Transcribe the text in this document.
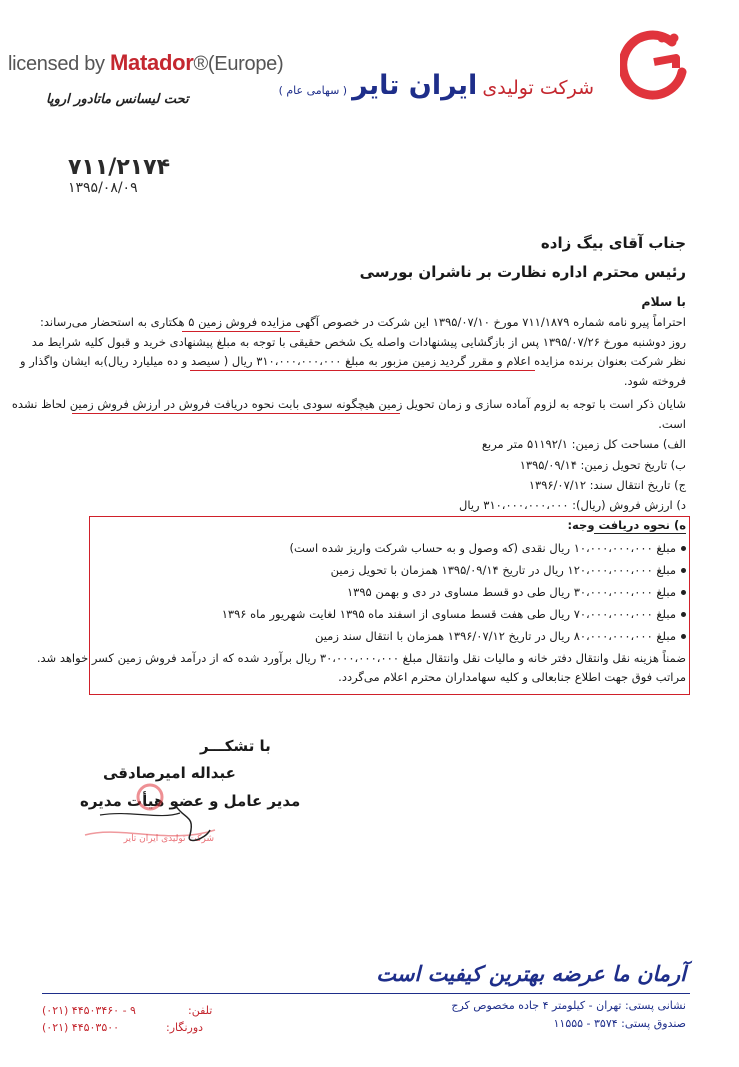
licensed by Matador®(Europe)
تحت لیسانس ماتادور اروپا
شرکت تولیدی ایران تایر ( سهامی عام )
۷۱۱/۲۱۷۴
۱۳۹۵/۰۸/۰۹
جناب آقای بیگ زاده
رئیس محترم اداره نظارت بر ناشران بورسی
با سلام
احتراماً پیرو نامه شماره ۷۱۱/۱۸۷۹ مورخ ۱۳۹۵/۰۷/۱۰ این شرکت در خصوص آگهی مزایده فروش زمین ۵ هکتاری به استحضار می‌رساند:
روز دوشنبه مورخ ۱۳۹۵/۰۷/۲۶ پس از بازگشایی پیشنهادات واصله یک شخص حقیقی با توجه به مبلغ پیشنهادی خرید و قبول کلیه شرایط مد
نظر شرکت بعنوان برنده مزایده اعلام و مقرر گردید زمین مزبور به مبلغ ۳۱۰،۰۰۰،۰۰۰،۰۰۰ ریال ( سیصد و ده میلیارد ریال)به ایشان واگذار و
فروخته شود.
شایان ذکر است با توجه به لزوم آماده سازی و زمان تحویل زمین هیچگونه سودی بابت نحوه دریافت فروش در ارزش فروش زمین لحاظ نشده
است.
الف) مساحت کل زمین: ۵۱۱۹۲/۱ متر مربع
ب) تاریخ تحویل زمین: ۱۳۹۵/۰۹/۱۴
ج) تاریخ انتقال سند: ۱۳۹۶/۰۷/۱۲
د) ارزش فروش (ریال): ۳۱۰،۰۰۰،۰۰۰،۰۰۰ ریال
ه) نحوه دریافت وجه:
مبلغ ۱۰،۰۰۰،۰۰۰،۰۰۰ ریال نقدی (که وصول و به حساب شرکت واریز شده است)
مبلغ ۱۲۰،۰۰۰،۰۰۰،۰۰۰ ریال در تاریخ ۱۳۹۵/۰۹/۱۴ همزمان با تحویل زمین
مبلغ ۳۰،۰۰۰،۰۰۰،۰۰۰ ریال طی دو قسط مساوی در دی و بهمن ۱۳۹۵
مبلغ ۷۰،۰۰۰،۰۰۰،۰۰۰ ریال طی هفت قسط مساوی از اسفند ماه ۱۳۹۵ لغایت شهریور ماه ۱۳۹۶
مبلغ ۸۰،۰۰۰،۰۰۰،۰۰۰ ریال در تاریخ ۱۳۹۶/۰۷/۱۲ همزمان با انتقال سند زمین
ضمناً هزینه نقل وانتقال دفتر خانه و مالیات نقل وانتقال مبلغ ۳۰،۰۰۰،۰۰۰،۰۰۰ ریال برآورد شده که از درآمد فروش زمین کسر خواهد شد.
مراتب فوق جهت اطلاع جنابعالی و کلیه سهامداران محترم اعلام می‌گردد.
با تشکـــر
عبداله امیرصادقی
مدیر عامل و عضو هیأت مدیره
شرکت تولیدی ایران تایر
آرمان ما عرضه بهترین کیفیت است
نشانی پستی: تهران - کیلومتر ۴ جاده مخصوص کرج
صندوق پستی: ۳۵۷۴ - ۱۱۵۵۵
(۰۲۱) ۴۴۵۰۳۴۶۰ - ۹	تلفن:
(۰۲۱) ۴۴۵۰۳۵۰۰	دورنگار:
